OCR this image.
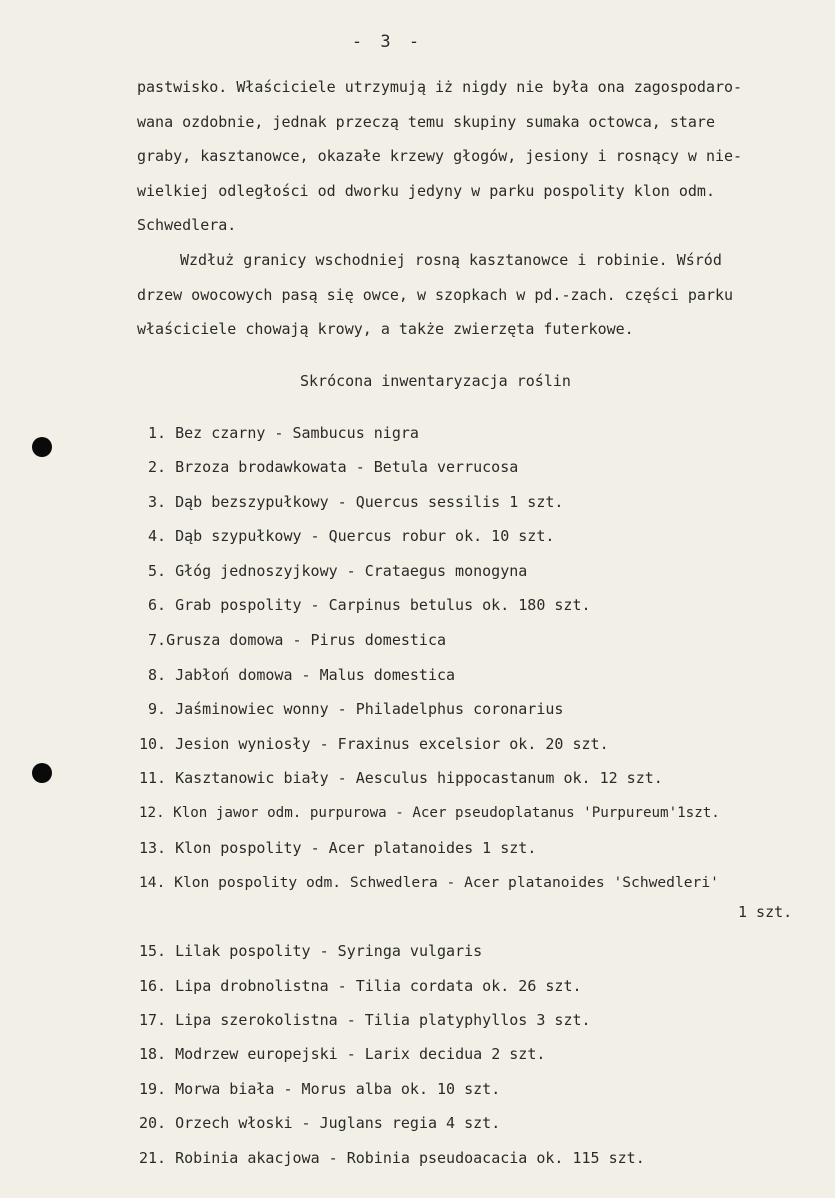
- 3 -
pastwisko. Właściciele utrzymują iż nigdy nie była ona zagospodaro-
wana ozdobnie, jednak przeczą temu skupiny sumaka octowca, stare
graby, kasztanowce, okazałe krzewy głogów, jesiony i rosnący w nie-
wielkiej odległości od dworku jedyny w parku pospolity klon odm.
Schwedlera.
Wzdłuż granicy wschodniej rosną kasztanowce i robinie. Wśród
drzew owocowych pasą się owce, w szopkach w pd.-zach. części parku
właściciele chowają krowy, a także zwierzęta futerkowe.
Skrócona inwentaryzacja roślin
1. Bez czarny - Sambucus nigra
2. Brzoza brodawkowata - Betula verrucosa
3. Dąb bezszypułkowy - Quercus sessilis 1 szt.
4. Dąb szypułkowy - Quercus robur ok. 10 szt.
5. Głóg jednoszyjkowy - Crataegus monogyna
6. Grab pospolity - Carpinus betulus ok. 180 szt.
7.Grusza domowa - Pirus domestica
8. Jabłoń domowa - Malus domestica
9. Jaśminowiec wonny - Philadelphus coronarius
10. Jesion wyniosły - Fraxinus excelsior ok. 20 szt.
11. Kasztanowic biały - Aesculus hippocastanum ok. 12 szt.
12. Klon jawor odm. purpurowa - Acer pseudoplatanus 'Purpureum'1szt.
13. Klon pospolity - Acer platanoides 1 szt.
14. Klon pospolity odm. Schwedlera - Acer platanoides 'Schwedleri'
1 szt.
15. Lilak pospolity - Syringa vulgaris
16. Lipa drobnolistna - Tilia cordata ok. 26 szt.
17. Lipa szerokolistna - Tilia platyphyllos 3 szt.
18. Modrzew europejski - Larix decidua 2 szt.
19. Morwa biała - Morus alba ok. 10 szt.
20. Orzech włoski - Juglans regia 4 szt.
21. Robinia akacjowa - Robinia pseudoacacia ok. 115 szt.
